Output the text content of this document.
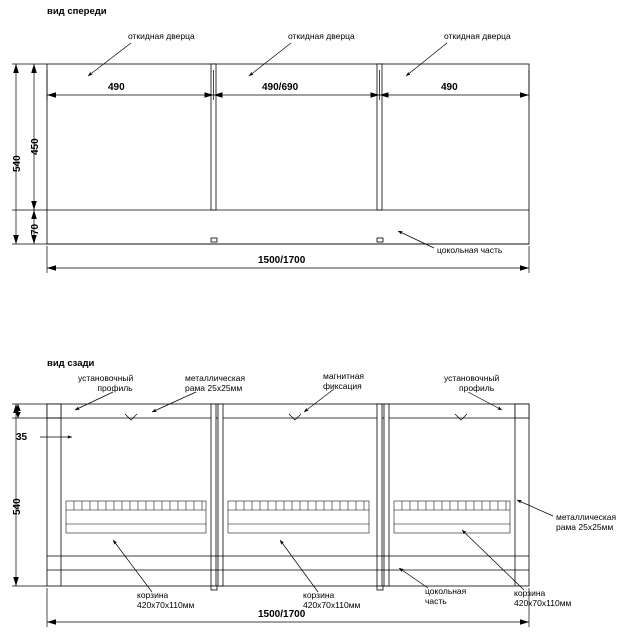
вид спереди
откидная дверца	откидная дверца	откидная дверца
цокольная часть
490	490/690	490
1500/1700
540
450
70
вид сзади
установочный
профиль
металлическая
рама 25х25мм
магнитная
фиксация
установочный
профиль
металлическая
рама 25х25мм
корзина
420х70х110мм
корзина
420х70х110мм
цокольная
часть
корзина
420х70х110мм
35
540
1500/1700
